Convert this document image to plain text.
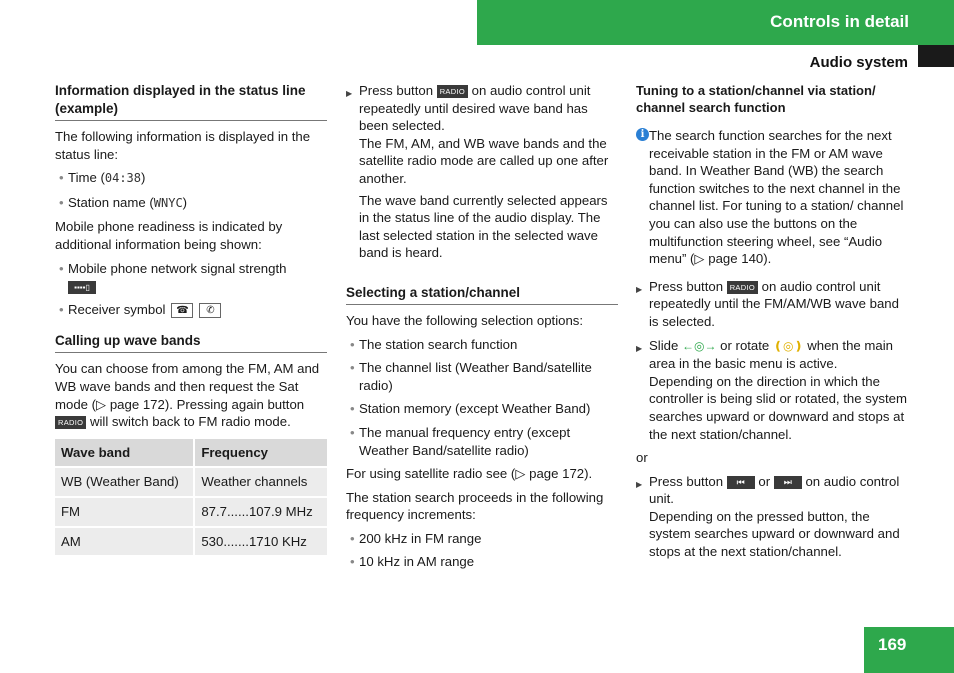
Controls in detail
Audio system
169
Information displayed in the status line (example)

The following information is displayed in the status line:

• Time (04:38)
• Station name (WNYC)

Mobile phone readiness is indicated by additional information being shown:

• Mobile phone network signal strength
▪▪▪▪▯
• Receiver symbol ☎ ✆
Calling up wave bands

You can choose from among the FM, AM and WB wave bands and then request the Sat mode (▷ page 172). Pressing again button RADIO will switch back to FM radio mode.

Wave band	Frequency
WB (Weather Band)	Weather channels
FM	87.7......107.9 MHz
AM	530.......1710 KHz
▶ Press button RADIO on audio control unit repeatedly until desired wave band has been selected.
The FM, AM, and WB wave bands and the satellite radio mode are called up one after another.
The wave band currently selected appears in the status line of the audio display. The last selected station in the selected wave band is heard.
Selecting a station/channel

You have the following selection options:

• The station search function
• The channel list (Weather Band/satellite radio)
• Station memory (except Weather Band)
• The manual frequency entry (except Weather Band/satellite radio)

For using satellite radio see (▷ page 172).

The station search proceeds in the following frequency increments:

• 200 kHz in FM range
• 10 kHz in AM range
Tuning to a station/channel via station/ channel search function
i The search function searches for the next receivable station in the FM or AM wave band. In Weather Band (WB) the search function switches to the next channel in the channel list. For tuning to a station/ channel you can also use the buttons on the multifunction steering wheel, see “Audio menu” (▷ page 140).
▶ Press button RADIO on audio control unit repeatedly until the FM/AM/WB wave band is selected.
▶ Slide ←◎→ or rotate ❪◎❫ when the main area in the basic menu is active.
Depending on the direction in which the controller is being slid or rotated, the system searches upward or downward and stops at the next station/channel.

or

▶ Press button ⏮ or ⏭ on audio control unit.
Depending on the pressed button, the system searches upward or downward and stops at the next station/channel.
